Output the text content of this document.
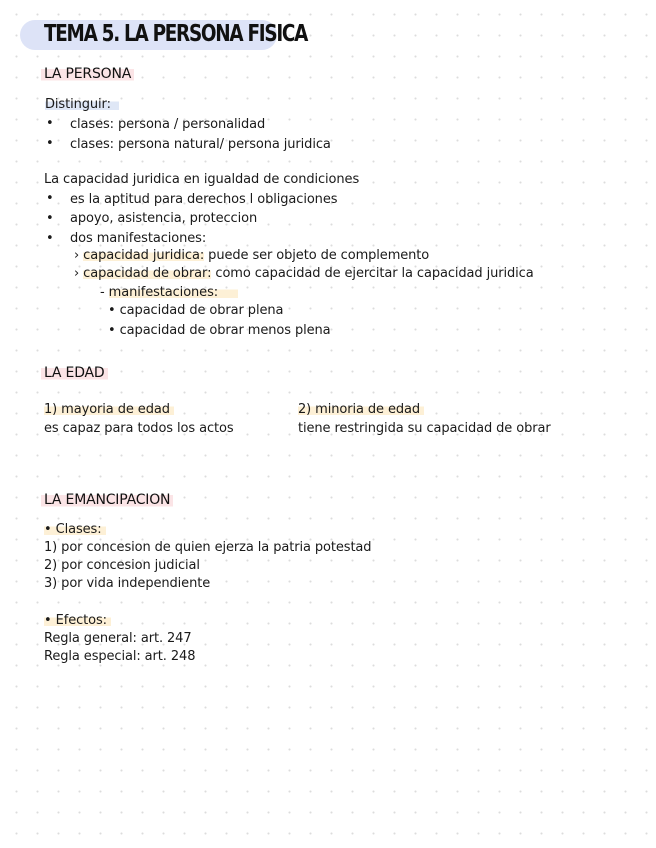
TEMA 5. LA PERSONA FISICA
LA PERSONA
Distinguir:
• clases: persona / personalidad
• clases: persona natural/ persona juridica
La capacidad juridica en igualdad de condiciones
• es la aptitud para derechos l obligaciones
• apoyo, asistencia, proteccion
• dos manifestaciones:
› capacidad juridica: puede ser objeto de complemento
› capacidad de obrar: como capacidad de ejercitar la capacidad juridica
- manifestaciones:
• capacidad de obrar plena
• capacidad de obrar menos plena
LA EDAD
1) mayoria de edad
es capaz para todos los actos
2) minoria de edad
tiene restringida su capacidad de obrar
LA EMANCIPACION
• Clases:
1) por concesion de quien ejerza la patria potestad
2) por concesion judicial
3) por vida independiente
• Efectos:
Regla general: art. 247
Regla especial: art. 248
